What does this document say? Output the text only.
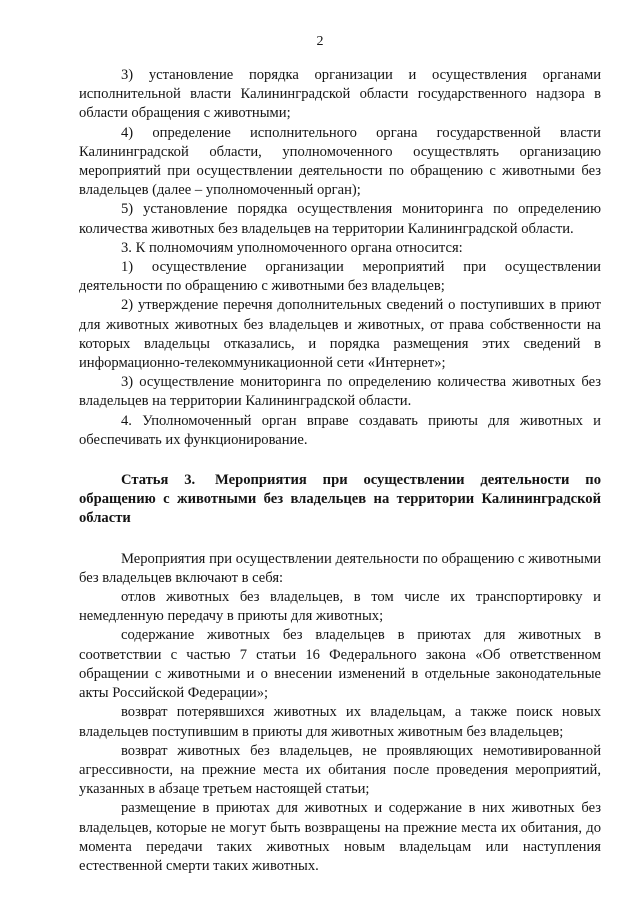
2

3) установление порядка организации и осуществления органами исполнительной власти Калининградской области государственного надзора в области обращения с животными;

4) определение исполнительного органа государственной власти Калининградской области, уполномоченного осуществлять организацию мероприятий при осуществлении деятельности по обращению с животными без владельцев (далее – уполномоченный орган);

5) установление порядка осуществления мониторинга по определению количества животных без владельцев на территории Калининградской области.

3. К полномочиям уполномоченного органа относится:

1) осуществление организации мероприятий при осуществлении деятельности по обращению с животными без владельцев;

2) утверждение перечня дополнительных сведений о поступивших в приют для животных животных без владельцев и животных, от права собственности на которых владельцы отказались, и порядка размещения этих сведений в информационно-телекоммуникационной сети «Интернет»;

3) осуществление мониторинга по определению количества животных без владельцев на территории Калининградской области.

4. Уполномоченный орган вправе создавать приюты для животных и обеспечивать их функционирование.

Статья 3. Мероприятия при осуществлении деятельности по обращению с животными без владельцев на территории Калининградской области

Мероприятия при осуществлении деятельности по обращению с животными без владельцев включают в себя:

отлов животных без владельцев, в том числе их транспортировку и немедленную передачу в приюты для животных;

содержание животных без владельцев в приютах для животных в соответствии с частью 7 статьи 16 Федерального закона «Об ответственном обращении с животными и о внесении изменений в отдельные законодательные акты Российской Федерации»;

возврат потерявшихся животных их владельцам, а также поиск новых владельцев поступившим в приюты для животных животным без владельцев;

возврат животных без владельцев, не проявляющих немотивированной агрессивности, на прежние места их обитания после проведения мероприятий, указанных в абзаце третьем настоящей статьи;

размещение в приютах для животных и содержание в них животных без владельцев, которые не могут быть возвращены на прежние места их обитания, до момента передачи таких животных новым владельцам или наступления естественной смерти таких животных.
